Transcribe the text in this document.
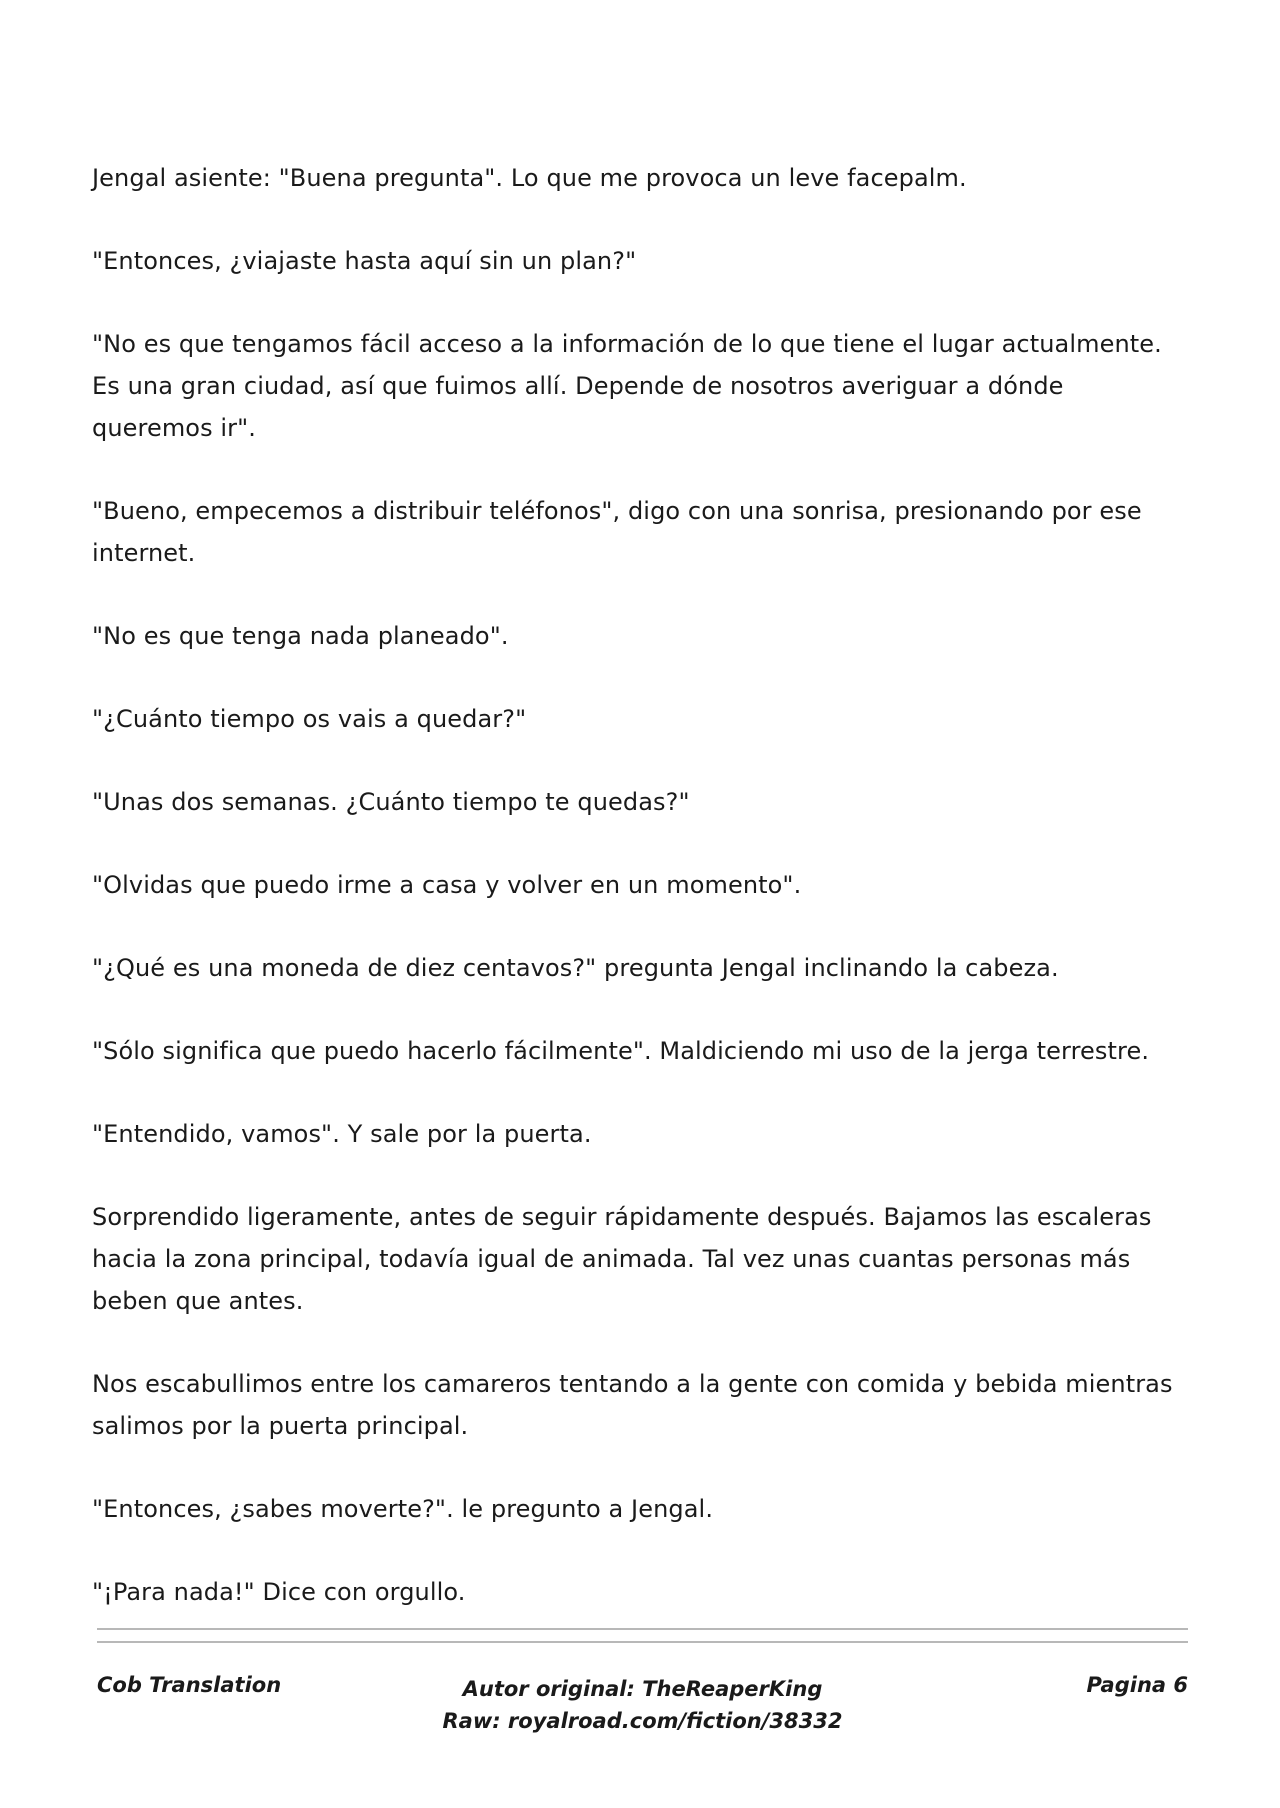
Jengal asiente: "Buena pregunta". Lo que me provoca un leve facepalm.

"Entonces, ¿viajaste hasta aquí sin un plan?"

"No es que tengamos fácil acceso a la información de lo que tiene el lugar actualmente. Es una gran ciudad, así que fuimos allí. Depende de nosotros averiguar a dónde queremos ir".

"Bueno, empecemos a distribuir teléfonos", digo con una sonrisa, presionando por ese internet.

"No es que tenga nada planeado".

"¿Cuánto tiempo os vais a quedar?"

"Unas dos semanas. ¿Cuánto tiempo te quedas?"

"Olvidas que puedo irme a casa y volver en un momento".

"¿Qué es una moneda de diez centavos?" pregunta Jengal inclinando la cabeza.

"Sólo significa que puedo hacerlo fácilmente". Maldiciendo mi uso de la jerga terrestre.

"Entendido, vamos". Y sale por la puerta.

Sorprendido ligeramente, antes de seguir rápidamente después. Bajamos las escaleras hacia la zona principal, todavía igual de animada. Tal vez unas cuantas personas más beben que antes.

Nos escabullimos entre los camareros tentando a la gente con comida y bebida mientras salimos por la puerta principal.

"Entonces, ¿sabes moverte?". le pregunto a Jengal.

"¡Para nada!" Dice con orgullo.

Cob Translation	Autor original: TheReaperKing
Raw: royalroad.com/fiction/38332
Pagina 6
